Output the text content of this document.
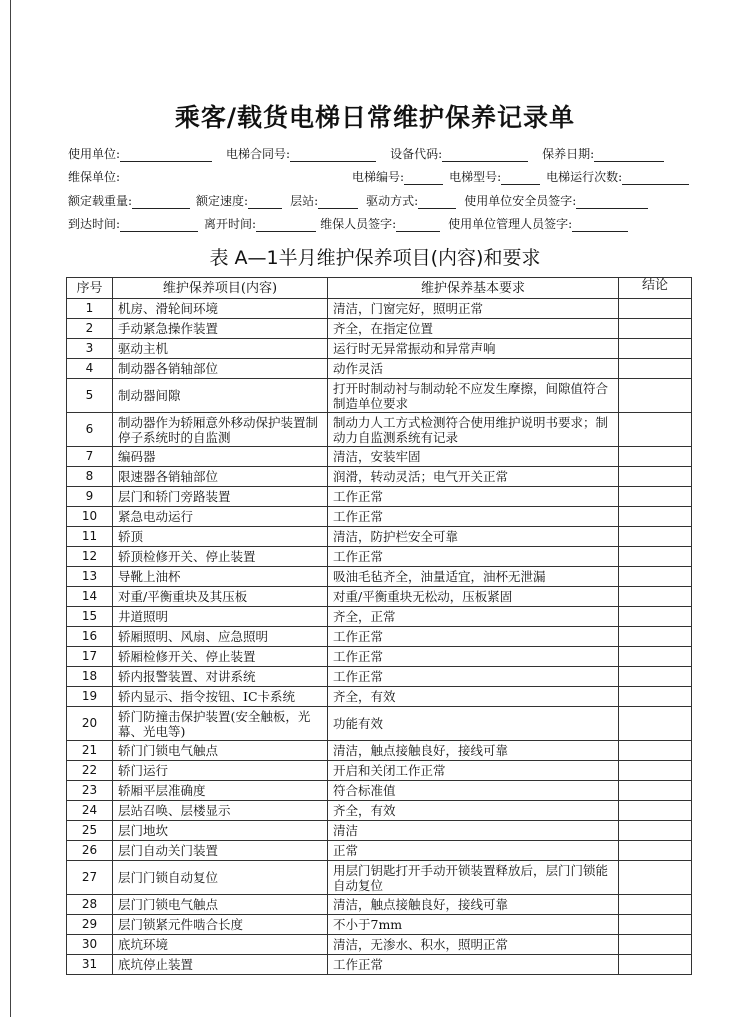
乘客/载货电梯日常维护保养记录单
使用单位:	电梯合同号:	设备代码:	保养日期:
维保单位:	电梯编号:	电梯型号:	电梯运行次数:
额定载重量:	额定速度:	层站:	驱动方式:	使用单位安全员签字:
到达时间:	离开时间:	维保人员签字:	使用单位管理人员签字:
表 A—1半月维护保养项目(内容)和要求
序号	维护保养项目(内容)	维护保养基本要求	结论
1	机房、滑轮间环境	清洁，门窗完好，照明正常	
2	手动紧急操作装置	齐全，在指定位置	
3	驱动主机	运行时无异常振动和异常声响	
4	制动器各销轴部位	动作灵活	
5	制动器间隙	打开时制动衬与制动轮不应发生摩擦，间隙值符合制造单位要求	
6	制动器作为轿厢意外移动保护装置制停子系统时的自监测	制动力人工方式检测符合使用维护说明书要求；制动力自监测系统有记录	
7	编码器	清洁，安装牢固	
8	限速器各销轴部位	润滑，转动灵活；电气开关正常	
9	层门和轿门旁路装置	工作正常	
10	紧急电动运行	工作正常	
11	轿顶	清洁，防护栏安全可靠	
12	轿顶检修开关、停止装置	工作正常	
13	导靴上油杯	吸油毛毡齐全，油量适宜，油杯无泄漏	
14	对重/平衡重块及其压板	对重/平衡重块无松动，压板紧固	
15	井道照明	齐全，正常	
16	轿厢照明、风扇、应急照明	工作正常	
17	轿厢检修开关、停止装置	工作正常	
18	轿内报警装置、对讲系统	工作正常	
19	轿内显示、指令按钮、IC卡系统	齐全，有效	
20	轿门防撞击保护装置(安全触板，光幕、光电等)	功能有效	
21	轿门门锁电气触点	清洁，触点接触良好，接线可靠	
22	轿门运行	开启和关闭工作正常	
23	轿厢平层准确度	符合标准值	
24	层站召唤、层楼显示	齐全，有效	
25	层门地坎	清洁	
26	层门自动关门装置	正常	
27	层门门锁自动复位	用层门钥匙打开手动开锁装置释放后，层门门锁能自动复位	
28	层门门锁电气触点	清洁，触点接触良好，接线可靠	
29	层门锁紧元件啮合长度	不小于7mm	
30	底坑环境	清洁，无渗水、积水，照明正常	
31	底坑停止装置	工作正常	
